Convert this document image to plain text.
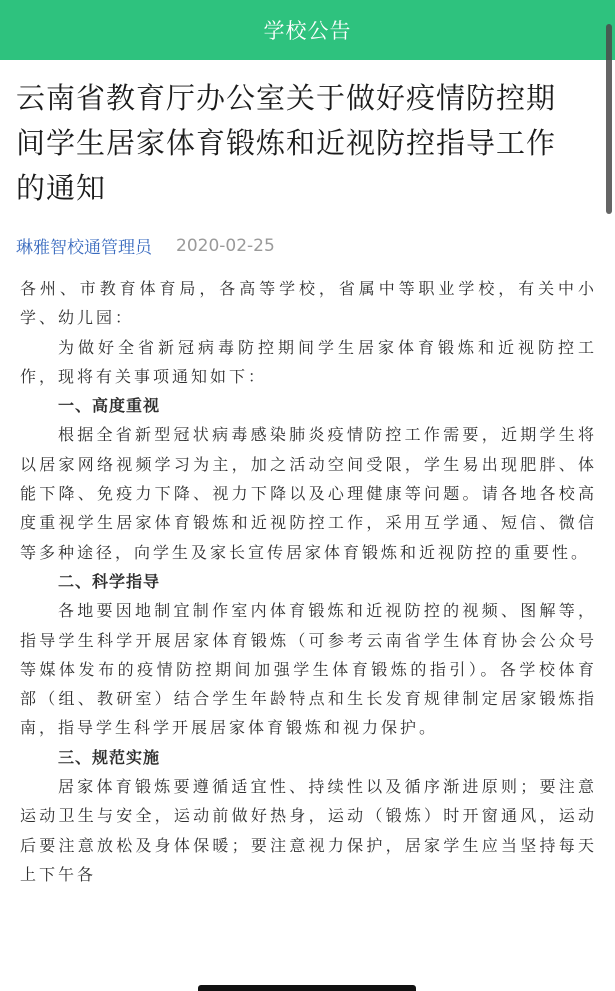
学校公告
云南省教育厅办公室关于做好疫情防控期间学生居家体育锻炼和近视防控指导工作的通知
琳雅智校通管理员 2020-02-25

各州、市教育体育局，各高等学校，省属中等职业学校，有关中小学、幼儿园：

为做好全省新冠病毒防控期间学生居家体育锻炼和近视防控工作，现将有关事项通知如下：

一、高度重视

根据全省新型冠状病毒感染肺炎疫情防控工作需要，近期学生将以居家网络视频学习为主，加之活动空间受限，学生易出现肥胖、体能下降、免疫力下降、视力下降以及心理健康等问题。请各地各校高度重视学生居家体育锻炼和近视防控工作，采用互学通、短信、微信等多种途径，向学生及家长宣传居家体育锻炼和近视防控的重要性。

二、科学指导

各地要因地制宜制作室内体育锻炼和近视防控的视频、图解等，指导学生科学开展居家体育锻炼（可参考云南省学生体育协会公众号等媒体发布的疫情防控期间加强学生体育锻炼的指引）。各学校体育部（组、教研室）结合学生年龄特点和生长发育规律制定居家锻炼指南，指导学生科学开展居家体育锻炼和视力保护。

三、规范实施

居家体育锻炼要遵循适宜性、持续性以及循序渐进原则；要注意运动卫生与安全，运动前做好热身，运动（锻炼）时开窗通风，运动后要注意放松及身体保暖；要注意视力保护，居家学生应当坚持每天上下午各
